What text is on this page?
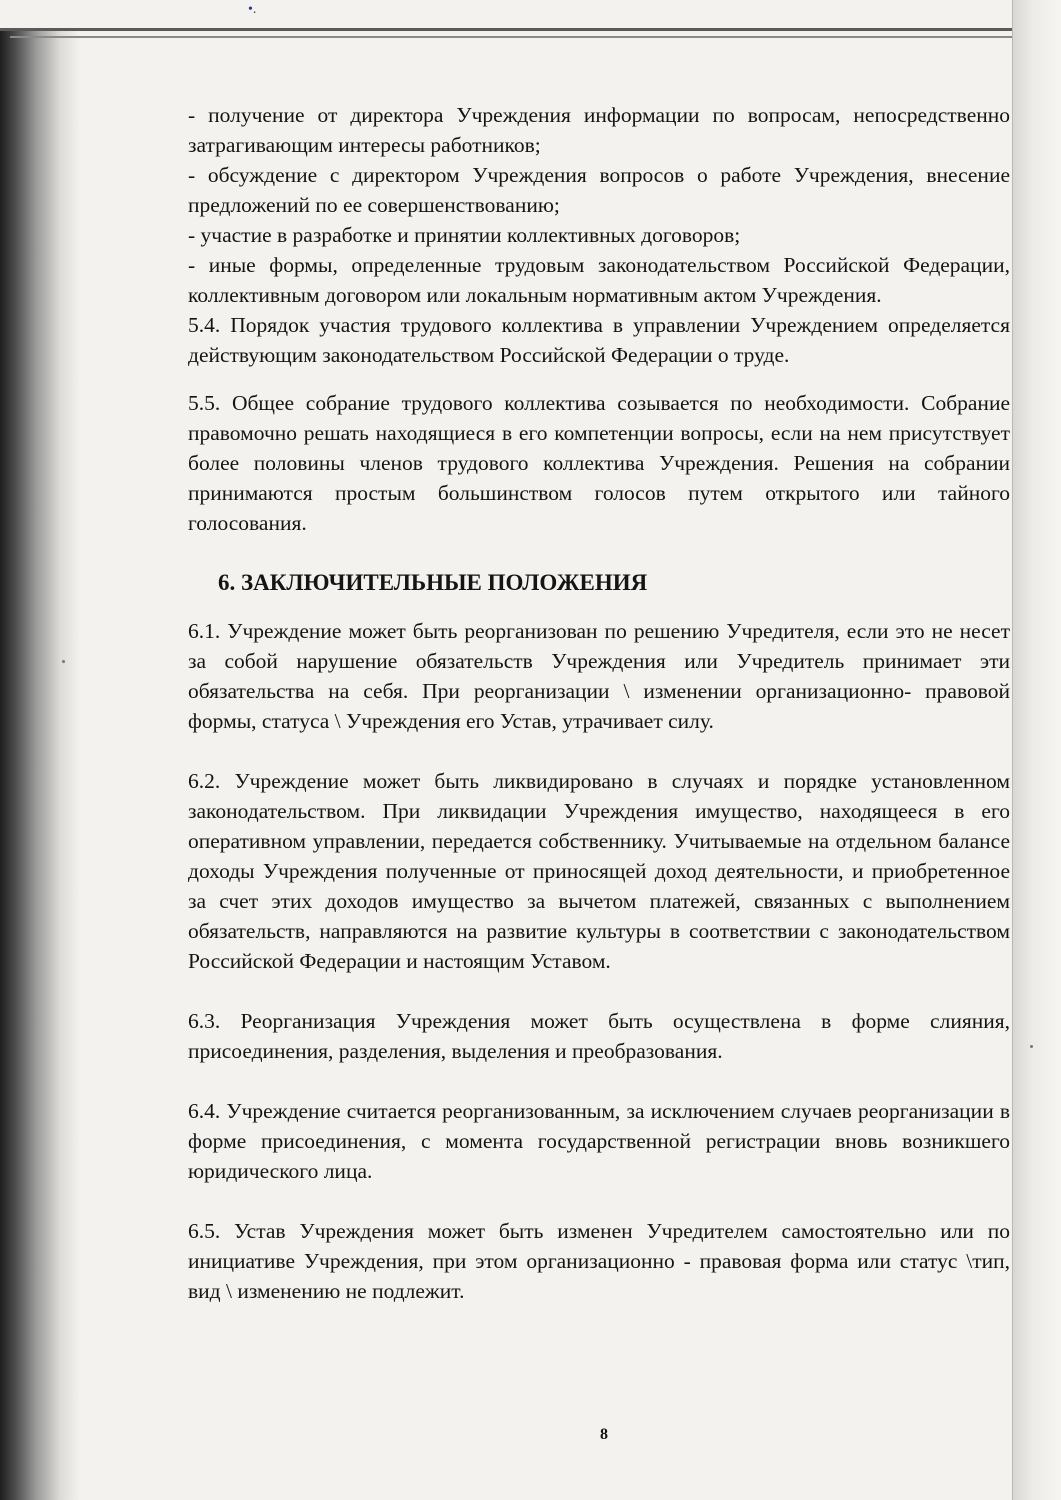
•.

- получение от директора Учреждения информации по вопросам, непосредственно затрагивающим интересы работников;

- обсуждение с директором Учреждения вопросов о работе Учреждения, внесение предложений по ее совершенствованию;

- участие в разработке и принятии коллективных договоров;

- иные формы, определенные трудовым законодательством Российской Федерации, коллективным договором или локальным нормативным актом Учреждения.

5.4. Порядок участия трудового коллектива в управлении Учреждением определяется действующим законодательством Российской Федерации о труде.

5.5. Общее собрание трудового коллектива созывается по необходимости. Собрание правомочно решать находящиеся в его компетенции вопросы, если на нем присутствует более половины членов трудового коллектива Учреждения. Решения на собрании принимаются простым большинством голосов путем открытого или тайного голосования.

6. ЗАКЛЮЧИТЕЛЬНЫЕ ПОЛОЖЕНИЯ

6.1. Учреждение может быть реорганизован по решению Учредителя, если это не несет за собой нарушение обязательств Учреждения или Учредитель принимает эти обязательства на себя. При реорганизации \ изменении организационно- правовой формы, статуса \ Учреждения его Устав, утрачивает силу.

6.2. Учреждение может быть ликвидировано в случаях и порядке установленном законодательством. При ликвидации Учреждения имущество, находящееся в его оперативном управлении, передается собственнику. Учитываемые на отдельном балансе доходы Учреждения полученные от приносящей доход деятельности, и приобретенное за счет этих доходов имущество за вычетом платежей, связанных с выполнением обязательств, направляются на развитие культуры в соответствии с законодательством Российской Федерации и настоящим Уставом.

6.3. Реорганизация Учреждения может быть осуществлена в форме слияния, присоединения, разделения, выделения и преобразования.

6.4. Учреждение считается реорганизованным, за исключением случаев реорганизации в форме присоединения, с момента государственной регистрации вновь возникшего юридического лица.

6.5. Устав Учреждения может быть изменен Учредителем самостоятельно или по инициативе Учреждения, при этом организационно - правовая форма или статус \тип, вид \ изменению не подлежит.

8
